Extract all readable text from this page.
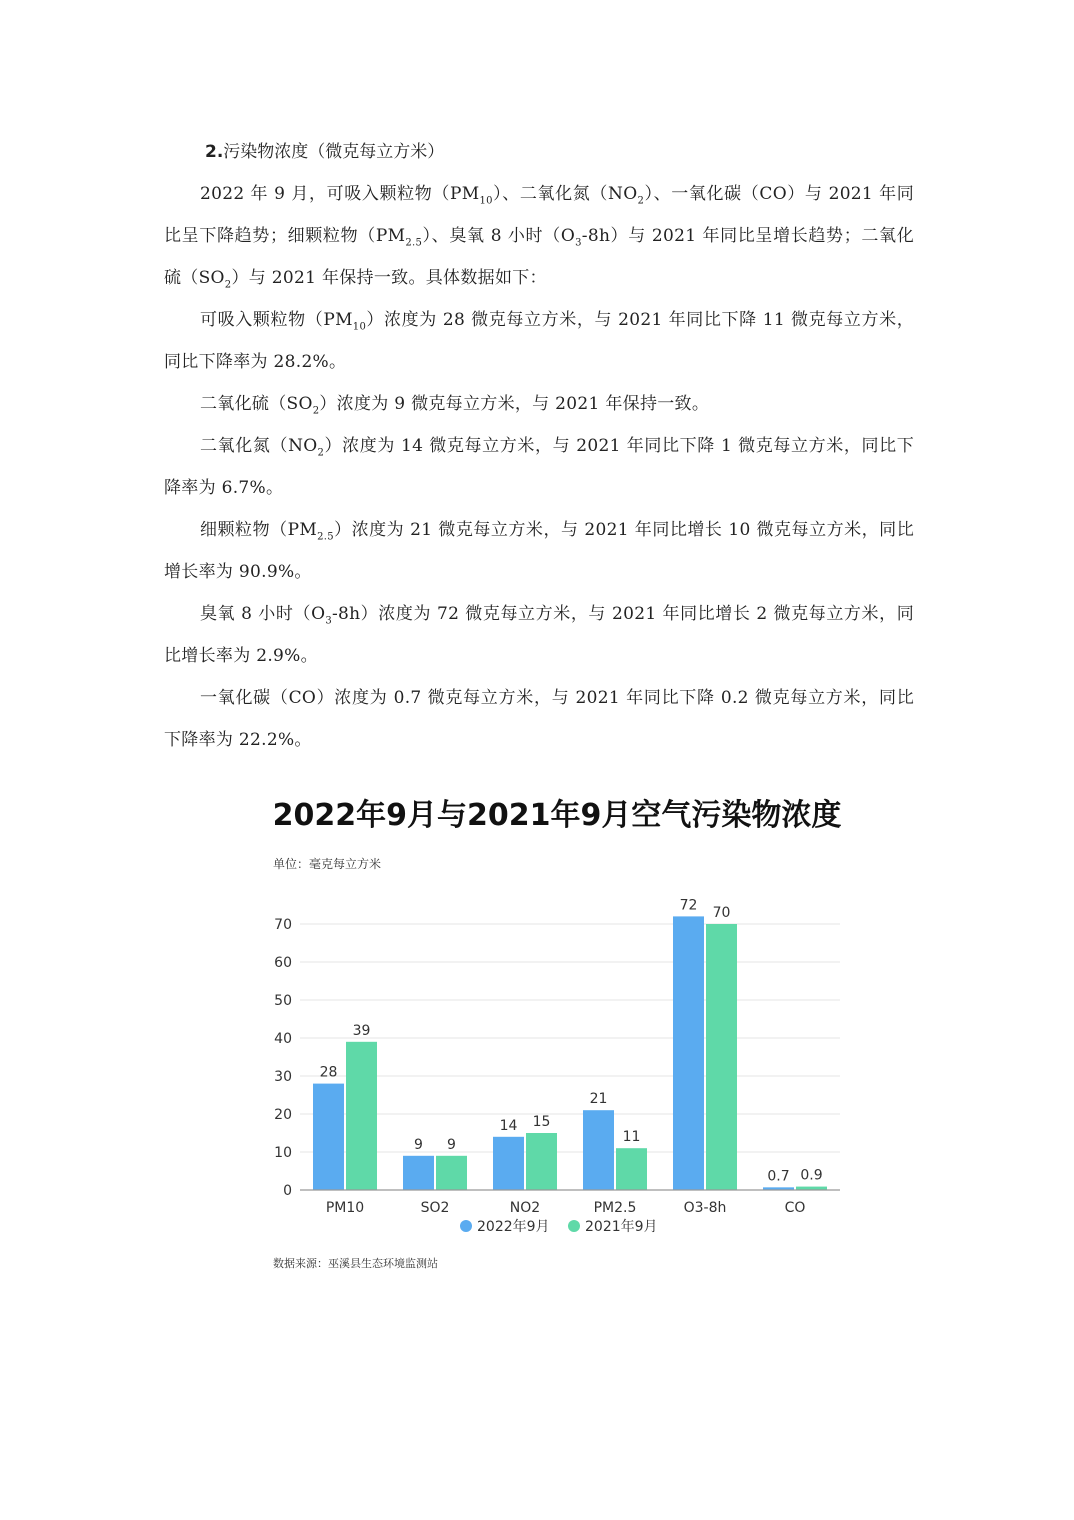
2.污染物浓度（微克每立方米）
2022 年 9 月，可吸入颗粒物$(PM_{10})$、二氧化氮$(NO_2)$、一氧化碳（CO）与 2021 年同比呈下降趋势；细颗粒物$(PM_{2.5})$、臭氧 8 小时$(O_3-8h)$与 2021 年同比呈增长趋势；二氧化硫$(SO_2)$与 2021 年保持一致。具体数据如下：
可吸入颗粒物$(PM_{10})$浓度为 28 微克每立方米，与 2021 年同比下降 11 微克每立方米，同比下降率为 28.2%。
二氧化硫$(SO_2)$浓度为 9 微克每立方米，与 2021 年保持一致。
二氧化氮$(NO_2)$浓度为 14 微克每立方米，与 2021 年同比下降 1 微克每立方米，同比下降率为 6.7%。
细颗粒物$(PM_{2.5})$浓度为 21 微克每立方米，与 2021 年同比增长 10 微克每立方米，同比增长率为 90.9%。
臭氧 8 小时$(O_3-8h)$浓度为 72 微克每立方米，与 2021 年同比增长 2 微克每立方米，同比增长率为 2.9%。
一氧化碳（CO）浓度为 0.7 微克每立方米，与 2021 年同比下降 0.2 微克每立方米，同比下降率为 22.2%。
2022年9月与2021年9月空气污染物浓度
单位：毫克每立方米
数据来源：巫溪县生态环境监测站
0
10
20
30
40
50
60
70
28
39
PM10
9 9
SO2
14 15
NO2
21
11
PM2.5
72 70
O3-8h
0.7 0.9
CO
2022年9月	2021年9月
